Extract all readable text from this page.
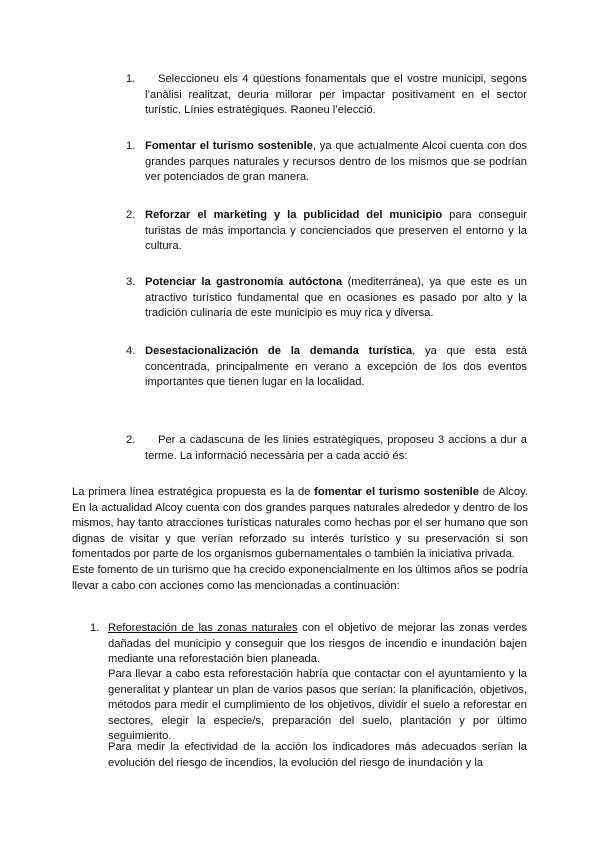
1.	Seleccioneu els 4 qüestions fonamentals que el vostre municipi, segons l’anàlisi realitzat, deuria millorar per impactar positivament en el sector turístic. Línies estratègiques. Raoneu l’elecció.

1. Fomentar el turismo sostenible, ya que actualmente Alcoi cuenta con dos grandes parques naturales y recursos dentro de los mismos que se podrían ver potenciados de gran manera.

2. Reforzar el marketing y la publicidad del municipio para conseguir turistas de más importancia y concienciados que preserven el entorno y la cultura.

3. Potenciar la gastronomía autóctona (mediterránea), ya que este es un atractivo turístico fundamental que en ocasiones es pasado por alto y la tradición culinaria de este municipio es muy rica y diversa.

4. Desestacionalización de la demanda turística, ya que esta está concentrada, principalmente en verano a excepción de los dos eventos importantes que tienen lugar en la localidad.

2.	Per a cadascuna de les línies estratègiques, proposeu 3 accions a dur a terme. La informació necessària per a cada acció és:

La primera línea estratégica propuesta es la de fomentar el turismo sostenible de Alcoy. En la actualidad Alcoy cuenta con dos grandes parques naturales alrededor y dentro de los mismos, hay tanto atracciones turísticas naturales como hechas por el ser humano que son dignas de visitar y que verían reforzado su interés turístico y su preservación si son fomentados por parte de los organismos gubernamentales o también la iniciativa privada.

Este fomento de un turismo que ha crecido exponencialmente en los últimos años se podría llevar a cabo con acciones como las mencionadas a continuación:

1. Reforestación de las zonas naturales con el objetivo de mejorar las zonas verdes dañadas del municipio y conseguir que los riesgos de incendio e inundación bajen mediante una reforestación bien planeada.

Para llevar a cabo esta reforestación habría que contactar con el ayuntamiento y la generalitat y plantear un plan de varios pasos que serían: la planificación, objetivos, métodos para medir el cumplimiento de los objetivos, dividir el suelo a reforestar en sectores, elegir la especie/s, preparación del suelo, plantación y por último seguimiento.

Para medir la efectividad de la acción los indicadores más adecuados serían la evolución del riesgo de incendios, la evolución del riesgo de inundación y la
